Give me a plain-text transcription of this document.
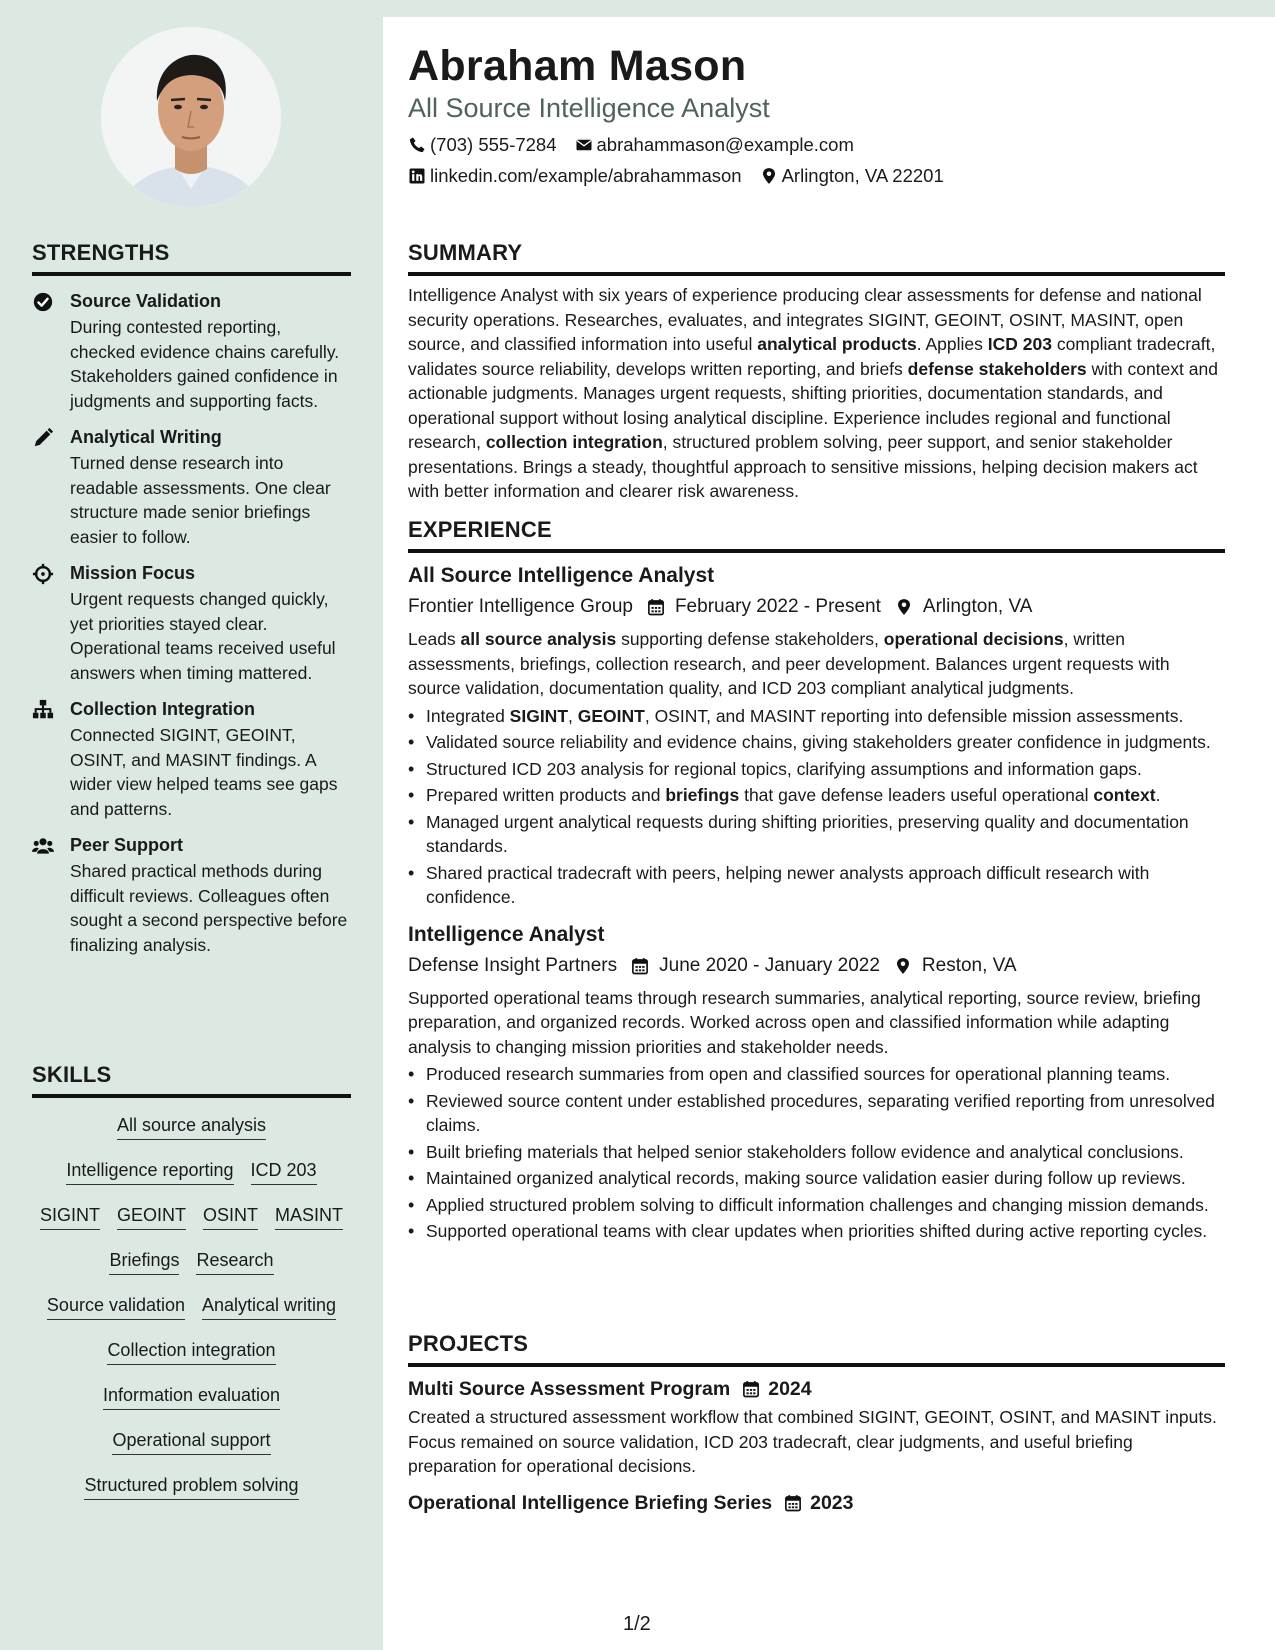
STRENGTHS
Source Validation
During contested reporting, checked evidence chains carefully. Stakeholders gained confidence in judgments and supporting facts.
Analytical Writing
Turned dense research into readable assessments. One clear structure made senior briefings easier to follow.
Mission Focus
Urgent requests changed quickly, yet priorities stayed clear. Operational teams received useful answers when timing mattered.
Collection Integration
Connected SIGINT, GEOINT, OSINT, and MASINT findings. A wider view helped teams see gaps and patterns.
Peer Support
Shared practical methods during difficult reviews. Colleagues often sought a second perspective before finalizing analysis.
SKILLS
All source analysis
Intelligence reporting ICD 203
SIGINT GEOINT OSINT MASINT
Briefings Research
Source validation Analytical writing
Collection integration
Information evaluation
Operational support
Structured problem solving
Abraham Mason
All Source Intelligence Analyst
(703) 555-7284 abrahammason@example.com
linkedin.com/example/abrahammason Arlington, VA 22201
SUMMARY
Intelligence Analyst with six years of experience producing clear assessments for defense and national security operations. Researches, evaluates, and integrates SIGINT, GEOINT, OSINT, MASINT, open source, and classified information into useful analytical products. Applies ICD 203 compliant tradecraft, validates source reliability, develops written reporting, and briefs defense stakeholders with context and actionable judgments. Manages urgent requests, shifting priorities, documentation standards, and operational support without losing analytical discipline. Experience includes regional and functional research, collection integration, structured problem solving, peer support, and senior stakeholder presentations. Brings a steady, thoughtful approach to sensitive missions, helping decision makers act with better information and clearer risk awareness.
EXPERIENCE
All Source Intelligence Analyst
Frontier Intelligence Group February 2022 - Present Arlington, VA
Leads all source analysis supporting defense stakeholders, operational decisions, written assessments, briefings, collection research, and peer development. Balances urgent requests with source validation, documentation quality, and ICD 203 compliant analytical judgments.
• Integrated SIGINT, GEOINT, OSINT, and MASINT reporting into defensible mission assessments.
• Validated source reliability and evidence chains, giving stakeholders greater confidence in judgments.
• Structured ICD 203 analysis for regional topics, clarifying assumptions and information gaps.
• Prepared written products and briefings that gave defense leaders useful operational context.
• Managed urgent analytical requests during shifting priorities, preserving quality and documentation standards.
• Shared practical tradecraft with peers, helping newer analysts approach difficult research with confidence.
Intelligence Analyst
Defense Insight Partners June 2020 - January 2022 Reston, VA
Supported operational teams through research summaries, analytical reporting, source review, briefing preparation, and organized records. Worked across open and classified information while adapting analysis to changing mission priorities and stakeholder needs.
• Produced research summaries from open and classified sources for operational planning teams.
• Reviewed source content under established procedures, separating verified reporting from unresolved claims.
• Built briefing materials that helped senior stakeholders follow evidence and analytical conclusions.
• Maintained organized analytical records, making source validation easier during follow up reviews.
• Applied structured problem solving to difficult information challenges and changing mission demands.
• Supported operational teams with clear updates when priorities shifted during active reporting cycles.
PROJECTS
Multi Source Assessment Program 2024
Created a structured assessment workflow that combined SIGINT, GEOINT, OSINT, and MASINT inputs. Focus remained on source validation, ICD 203 tradecraft, clear judgments, and useful briefing preparation for operational decisions.
Operational Intelligence Briefing Series 2023
1/2
